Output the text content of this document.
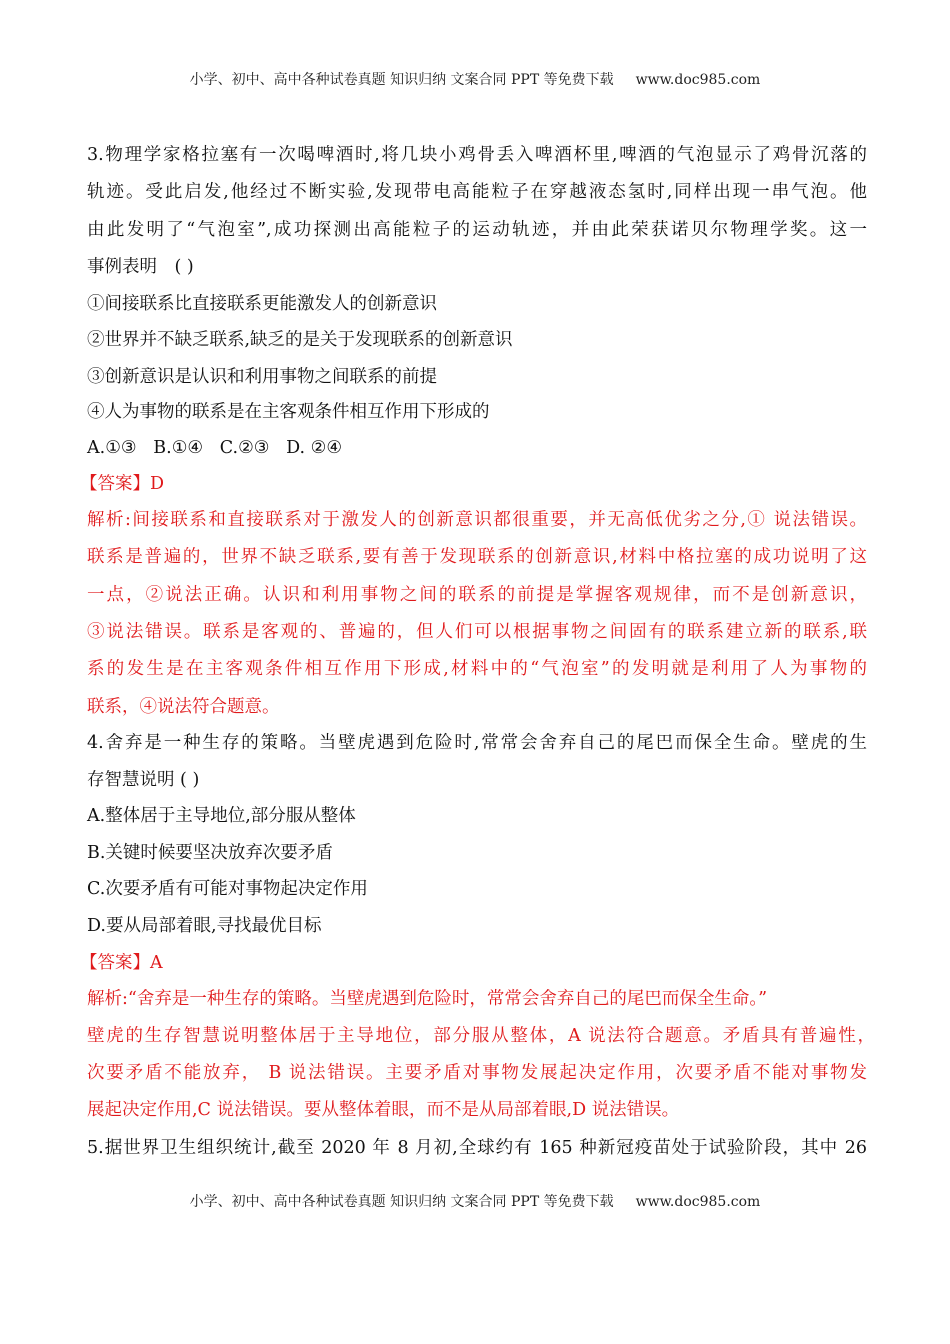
小学、初中、高中各种试卷真题 知识归纳 文案合同 PPT 等免费下载 www.doc985.com
3.物理学家格拉塞有一次喝啤酒时,将几块小鸡骨丢入啤酒杯里,啤酒的气泡显示了鸡骨沉落的
轨迹。受此启发,他经过不断实验,发现带电高能粒子在穿越液态氢时,同样出现一串气泡。他
由此发明了“气泡室”,成功探测出高能粒子的运动轨迹，并由此荣获诺贝尔物理学奖。这一
事例表明　( )
①间接联系比直接联系更能激发人的创新意识
②世界并不缺乏联系,缺乏的是关于发现联系的创新意识
③创新意识是认识和利用事物之间联系的前提
④人为事物的联系是在主客观条件相互作用下形成的
A.①③   B.①④   C.②③   D. ②④
【答案】D
解析:间接联系和直接联系对于激发人的创新意识都很重要，并无高低优劣之分,① 说法错误。
联系是普遍的，世界不缺乏联系,要有善于发现联系的创新意识,材料中格拉塞的成功说明了这
一点，②说法正确。认识和利用事物之间的联系的前提是掌握客观规律，而不是创新意识，
③说法错误。联系是客观的、普遍的，但人们可以根据事物之间固有的联系建立新的联系,联
系的发生是在主客观条件相互作用下形成,材料中的“气泡室”的发明就是利用了人为事物的
联系，④说法符合题意。
4.舍弃是一种生存的策略。当壁虎遇到危险时,常常会舍弃自己的尾巴而保全生命。壁虎的生
存智慧说明 ( )
A.整体居于主导地位,部分服从整体
B.关键时候要坚决放弃次要矛盾
C.次要矛盾有可能对事物起决定作用
D.要从局部着眼,寻找最优目标
【答案】A
解析:“舍弃是一种生存的策略。当壁虎遇到危险时，常常会舍弃自己的尾巴而保全生命。”
壁虎的生存智慧说明整体居于主导地位，部分服从整体，A 说法符合题意。矛盾具有普遍性，
次要矛盾不能放弃， B 说法错误。主要矛盾对事物发展起决定作用，次要矛盾不能对事物发
展起决定作用,C 说法错误。要从整体着眼，而不是从局部着眼,D 说法错误。
5.据世界卫生组织统计,截至 2020 年 8 月初,全球约有 165 种新冠疫苗处于试验阶段，其中 26
小学、初中、高中各种试卷真题 知识归纳 文案合同 PPT 等免费下载 www.doc985.com
